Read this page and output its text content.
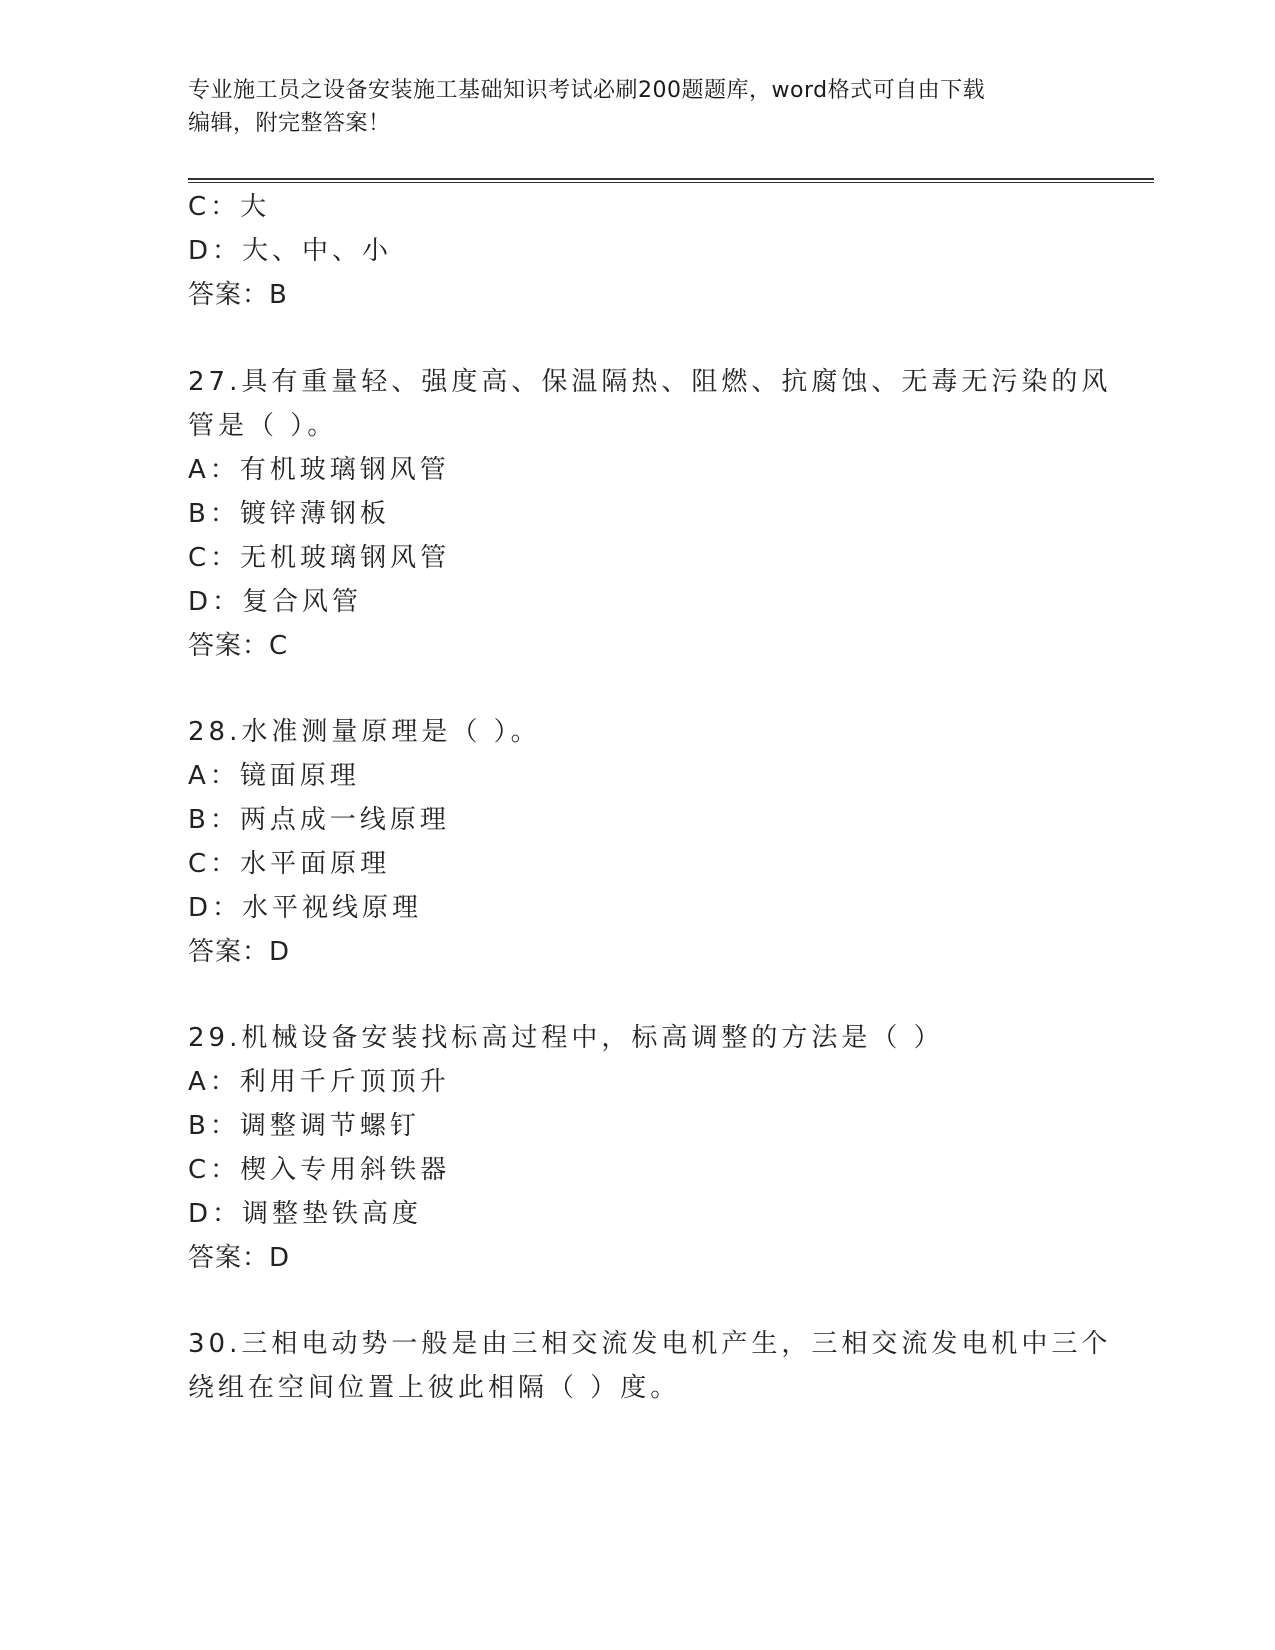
专业施工员之设备安装施工基础知识考试必刷200题题库，word格式可自由下载
编辑，附完整答案！
C：大
D：大、中、小
答案：B
27.具有重量轻、强度高、保温隔热、阻燃、抗腐蚀、无毒无污染的风
管是（ ）。
A：有机玻璃钢风管
B：镀锌薄钢板
C：无机玻璃钢风管
D：复合风管
答案：C
28.水准测量原理是（ ）。
A：镜面原理
B：两点成一线原理
C：水平面原理
D：水平视线原理
答案：D
29.机械设备安装找标高过程中，标高调整的方法是（ ）
A：利用千斤顶顶升
B：调整调节螺钉
C：楔入专用斜铁器
D：调整垫铁高度
答案：D
30.三相电动势一般是由三相交流发电机产生，三相交流发电机中三个
绕组在空间位置上彼此相隔（ ）度。
